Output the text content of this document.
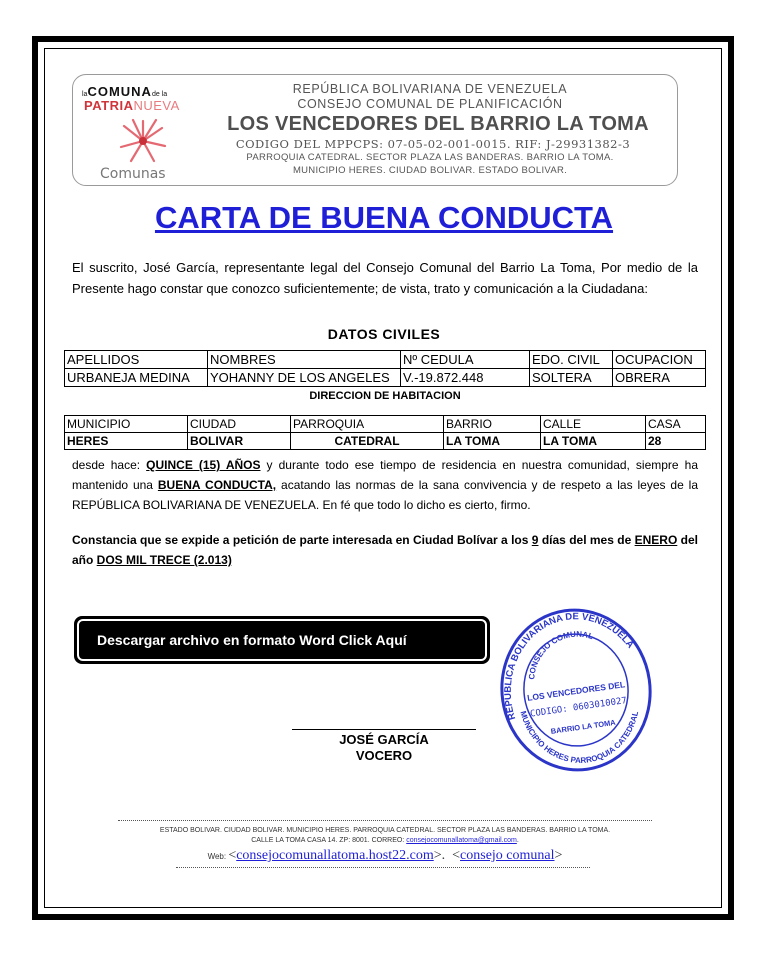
laCOMUNAde la
PATRIANUEVA
Comunas
REPÚBLICA BOLIVARIANA DE VENEZUELA
CONSEJO COMUNAL DE PLANIFICACIÓN
LOS VENCEDORES DEL BARRIO LA TOMA
CODIGO DEL MPPCPS: 07-05-02-001-0015. RIF: J-29931382-3
PARROQUIA CATEDRAL. SECTOR PLAZA LAS BANDERAS. BARRIO LA TOMA.
MUNICIPIO HERES. CIUDAD BOLIVAR. ESTADO BOLIVAR.
CARTA DE BUENA CONDUCTA
El suscrito, José García, representante legal del Consejo Comunal del Barrio La Toma, Por medio de la Presente hago constar que conozco suficientemente; de vista, trato y comunicación a la Ciudadana:
DATOS CIVILES
APELLIDOS	NOMBRES	Nº CEDULA	EDO. CIVIL	OCUPACION
URBANEJA MEDINA	YOHANNY DE LOS ANGELES	V.-19.872.448	SOLTERA	OBRERA
DIRECCION DE HABITACION
MUNICIPIO	CIUDAD	PARROQUIA	BARRIO	CALLE	CASA
HERES	BOLIVAR	CATEDRAL	LA TOMA	LA TOMA	28
desde hace: QUINCE (15) AÑOS y durante todo ese tiempo de residencia en nuestra comunidad, siempre ha mantenido una BUENA CONDUCTA, acatando las normas de la sana convivencia y de respeto a las leyes de la REPÚBLICA BOLIVARIANA DE VENEZUELA. En fé que todo lo dicho es cierto, firmo.
Constancia que se expide a petición de parte interesada en Ciudad Bolívar a los 9 días del mes de ENERO del año DOS MIL TRECE (2.013)
Descargar archivo en formato Word Click Aquí
REPUBLICA BOLIVARIANA DE VENEZUELA
CONSEJO COMUNAL
MUNICIPIO HERES PARROQUIA CATEDRAL
LOS VENCEDORES DEL
CODIGO: 0603010027
BARRIO LA TOMA
JOSÉ GARCÍA
VOCERO
ESTADO BOLIVAR. CIUDAD BOLIVAR. MUNICIPIO HERES. PARROQUIA CATEDRAL. SECTOR PLAZA LAS BANDERAS. BARRIO LA TOMA.
CALLE LA TOMA CASA 14. ZP: 8001. CORREO: consejocomunallatoma@gmail.com.
Web: <consejocomunallatoma.host22.com>.  <consejo comunal>
